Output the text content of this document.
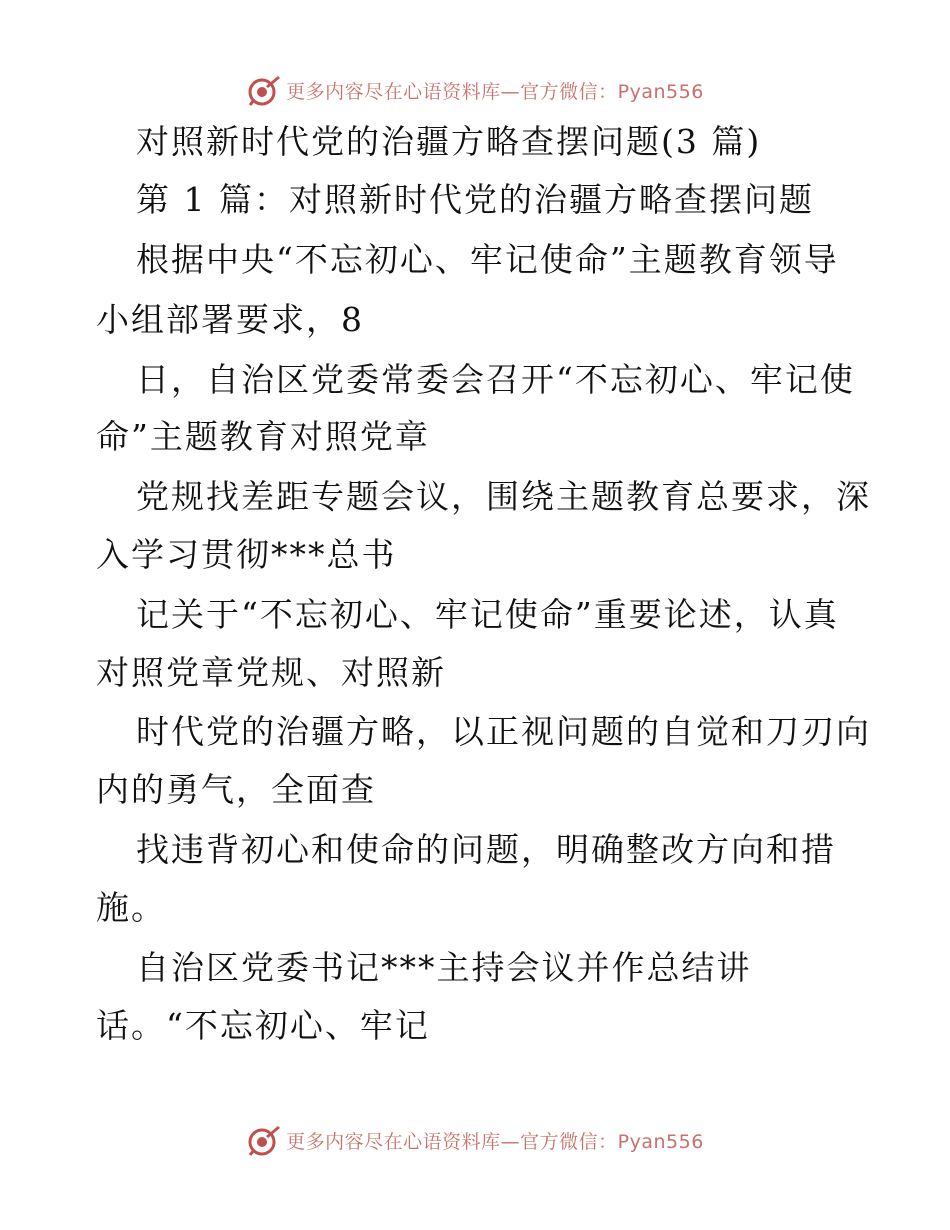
更多内容尽在心语资料库—官方微信：Pyan556
对照新时代党的治疆方略查摆问题(3 篇)
第 1 篇：对照新时代党的治疆方略查摆问题
根据中央“不忘初心、牢记使命”主题教育领导
小组部署要求，8
日，自治区党委常委会召开“不忘初心、牢记使
命”主题教育对照党章
党规找差距专题会议，围绕主题教育总要求，深
入学习贯彻***总书
记关于“不忘初心、牢记使命”重要论述，认真
对照党章党规、对照新
时代党的治疆方略，以正视问题的自觉和刀刃向
内的勇气，全面查
找违背初心和使命的问题，明确整改方向和措
施。
自治区党委书记***主持会议并作总结讲
话。“不忘初心、牢记
更多内容尽在心语资料库—官方微信：Pyan556
